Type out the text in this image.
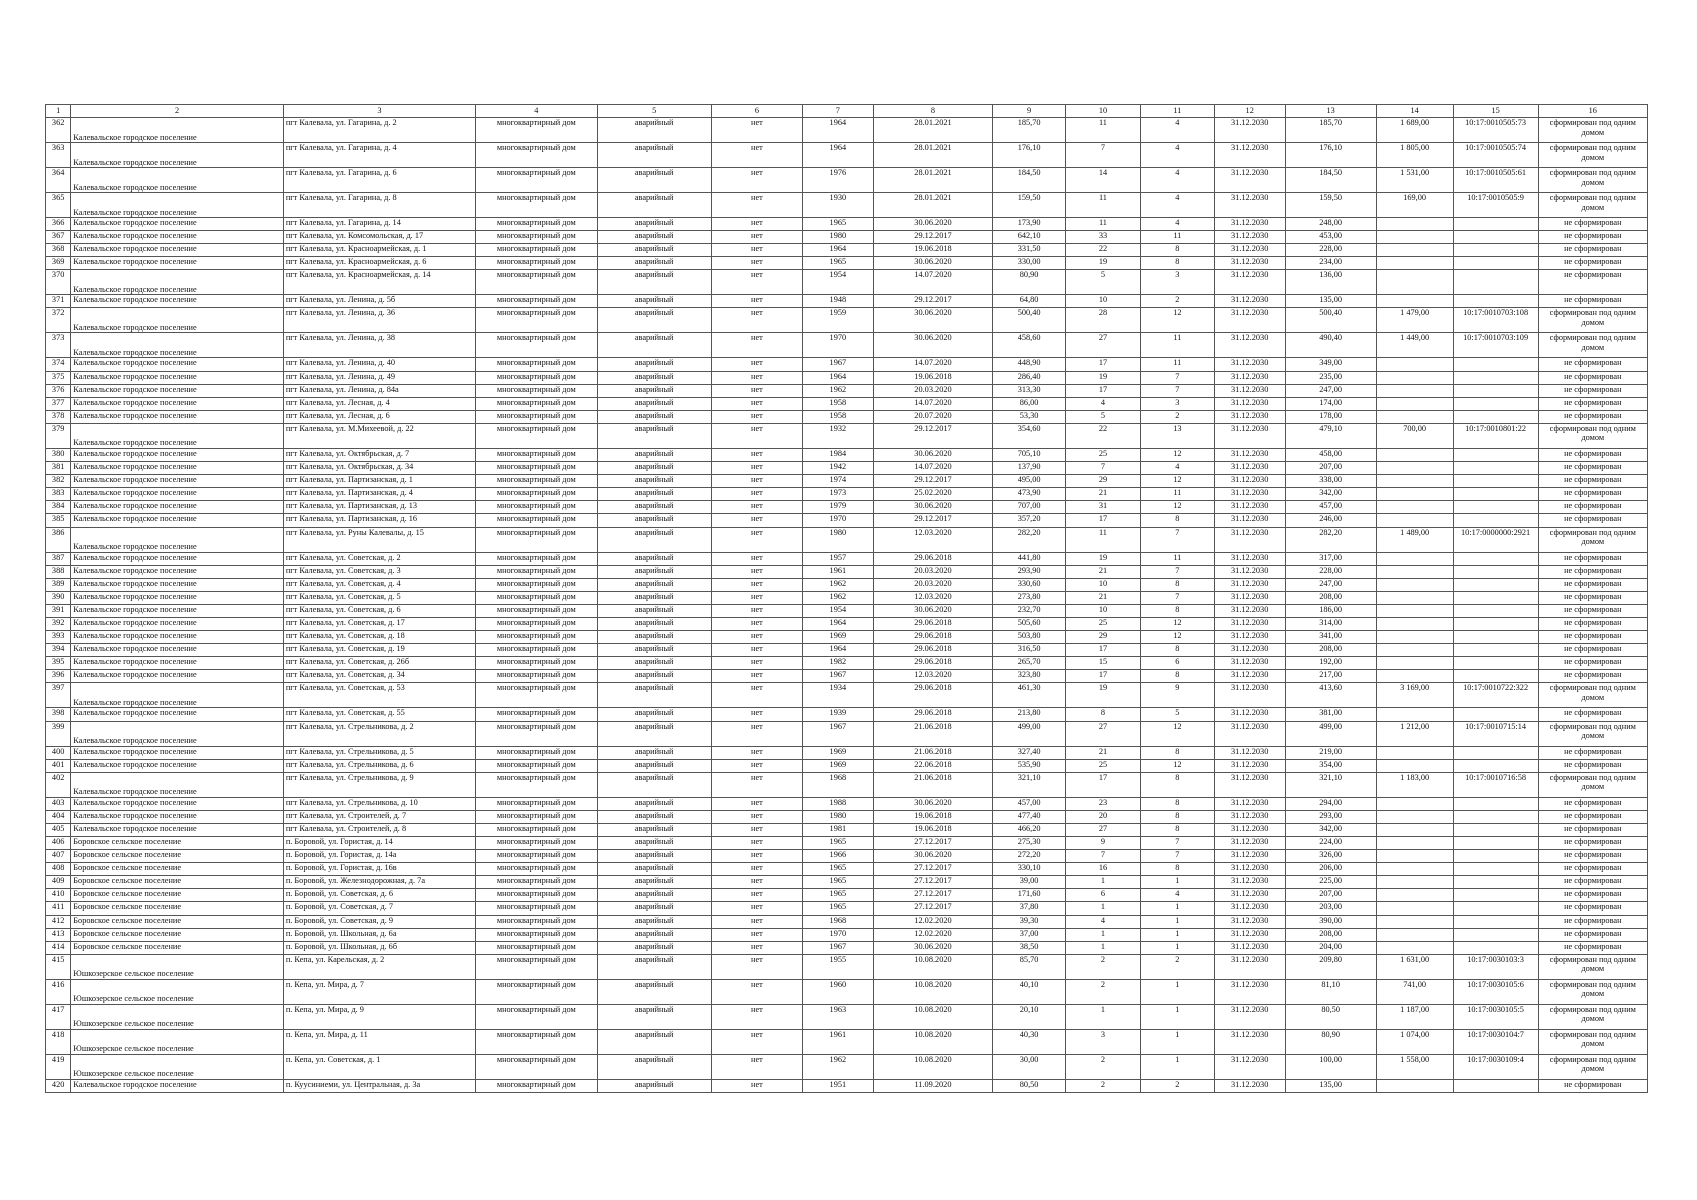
1	2	3	4	5	6	7	8	9	10	11	12	13	14	15	16
362	Калевальское городское поселение	пгт Калевала, ул. Гагарина, д. 2	многоквартирный дом	аварийный	нет	1964	28.01.2021	185,70	11	4	31.12.2030	185,70	1 689,00	10:17:0010505:73	сформирован под одним домом
363	Калевальское городское поселение	пгт Калевала, ул. Гагарина, д. 4	многоквартирный дом	аварийный	нет	1964	28.01.2021	176,10	7	4	31.12.2030	176,10	1 805,00	10:17:0010505:74	сформирован под одним домом
364	Калевальское городское поселение	пгт Калевала, ул. Гагарина, д. 6	многоквартирный дом	аварийный	нет	1976	28.01.2021	184,50	14	4	31.12.2030	184,50	1 531,00	10:17:0010505:61	сформирован под одним домом
365	Калевальское городское поселение	пгт Калевала, ул. Гагарина, д. 8	многоквартирный дом	аварийный	нет	1930	28.01.2021	159,50	11	4	31.12.2030	159,50	169,00	10:17:0010505:9	сформирован под одним домом
366	Калевальское городское поселение	пгт Калевала, ул. Гагарина, д. 14	многоквартирный дом	аварийный	нет	1965	30.06.2020	173,90	11	4	31.12.2030	248,00			не сформирован
367	Калевальское городское поселение	пгт Калевала, ул. Комсомольская, д. 17	многоквартирный дом	аварийный	нет	1980	29.12.2017	642,10	33	11	31.12.2030	453,00			не сформирован
368	Калевальское городское поселение	пгт Калевала, ул. Красноармейская, д. 1	многоквартирный дом	аварийный	нет	1964	19.06.2018	331,50	22	8	31.12.2030	228,00			не сформирован
369	Калевальское городское поселение	пгт Калевала, ул. Красноармейская, д. 6	многоквартирный дом	аварийный	нет	1965	30.06.2020	330,00	19	8	31.12.2030	234,00			не сформирован
370	Калевальское городское поселение	пгт Калевала, ул. Красноармейская, д. 14	многоквартирный дом	аварийный	нет	1954	14.07.2020	80,90	5	3	31.12.2030	136,00			не сформирован
371	Калевальское городское поселение	пгт Калевала, ул. Ленина, д. 5б	многоквартирный дом	аварийный	нет	1948	29.12.2017	64,80	10	2	31.12.2030	135,00			не сформирован
372	Калевальское городское поселение	пгт Калевала, ул. Ленина, д. 36	многоквартирный дом	аварийный	нет	1959	30.06.2020	500,40	28	12	31.12.2030	500,40	1 479,00	10:17:0010703:108	сформирован под одним домом
373	Калевальское городское поселение	пгт Калевала, ул. Ленина, д. 38	многоквартирный дом	аварийный	нет	1970	30.06.2020	458,60	27	11	31.12.2030	490,40	1 449,00	10:17:0010703:109	сформирован под одним домом
374	Калевальское городское поселение	пгт Калевала, ул. Ленина, д. 40	многоквартирный дом	аварийный	нет	1967	14.07.2020	448,90	17	11	31.12.2030	349,00			не сформирован
375	Калевальское городское поселение	пгт Калевала, ул. Ленина, д. 49	многоквартирный дом	аварийный	нет	1964	19.06.2018	286,40	19	7	31.12.2030	235,00			не сформирован
376	Калевальское городское поселение	пгт Калевала, ул. Ленина, д. 84а	многоквартирный дом	аварийный	нет	1962	20.03.2020	313,30	17	7	31.12.2030	247,00			не сформирован
377	Калевальское городское поселение	пгт Калевала, ул. Лесная, д. 4	многоквартирный дом	аварийный	нет	1958	14.07.2020	86,00	4	3	31.12.2030	174,00			не сформирован
378	Калевальское городское поселение	пгт Калевала, ул. Лесная, д. 6	многоквартирный дом	аварийный	нет	1958	20.07.2020	53,30	5	2	31.12.2030	178,00			не сформирован
379	Калевальское городское поселение	пгт Калевала, ул. М.Михеевой, д. 22	многоквартирный дом	аварийный	нет	1932	29.12.2017	354,60	22	13	31.12.2030	479,10	700,00	10:17:0010801:22	сформирован под одним домом
380	Калевальское городское поселение	пгт Калевала, ул. Октябрьская, д. 7	многоквартирный дом	аварийный	нет	1984	30.06.2020	705,10	25	12	31.12.2030	458,00			не сформирован
381	Калевальское городское поселение	пгт Калевала, ул. Октябрьская, д. 34	многоквартирный дом	аварийный	нет	1942	14.07.2020	137,90	7	4	31.12.2030	207,00			не сформирован
382	Калевальское городское поселение	пгт Калевала, ул. Партизанская, д. 1	многоквартирный дом	аварийный	нет	1974	29.12.2017	495,00	29	12	31.12.2030	338,00			не сформирован
383	Калевальское городское поселение	пгт Калевала, ул. Партизанская, д. 4	многоквартирный дом	аварийный	нет	1973	25.02.2020	473,90	21	11	31.12.2030	342,00			не сформирован
384	Калевальское городское поселение	пгт Калевала, ул. Партизанская, д. 13	многоквартирный дом	аварийный	нет	1979	30.06.2020	707,00	31	12	31.12.2030	457,00			не сформирован
385	Калевальское городское поселение	пгт Калевала, ул. Партизанская, д. 16	многоквартирный дом	аварийный	нет	1970	29.12.2017	357,20	17	8	31.12.2030	246,00			не сформирован
386	Калевальское городское поселение	пгт Калевала, ул. Руны Калевалы, д. 15	многоквартирный дом	аварийный	нет	1980	12.03.2020	282,20	11	7	31.12.2030	282,20	1 489,00	10:17:0000000:2921	сформирован под одним домом
387	Калевальское городское поселение	пгт Калевала, ул. Советская, д. 2	многоквартирный дом	аварийный	нет	1957	29.06.2018	441,80	19	11	31.12.2030	317,00			не сформирован
388	Калевальское городское поселение	пгт Калевала, ул. Советская, д. 3	многоквартирный дом	аварийный	нет	1961	20.03.2020	293,90	21	7	31.12.2030	228,00			не сформирован
389	Калевальское городское поселение	пгт Калевала, ул. Советская, д. 4	многоквартирный дом	аварийный	нет	1962	20.03.2020	330,60	10	8	31.12.2030	247,00			не сформирован
390	Калевальское городское поселение	пгт Калевала, ул. Советская, д. 5	многоквартирный дом	аварийный	нет	1962	12.03.2020	273,80	21	7	31.12.2030	208,00			не сформирован
391	Калевальское городское поселение	пгт Калевала, ул. Советская, д. 6	многоквартирный дом	аварийный	нет	1954	30.06.2020	232,70	10	8	31.12.2030	186,00			не сформирован
392	Калевальское городское поселение	пгт Калевала, ул. Советская, д. 17	многоквартирный дом	аварийный	нет	1964	29.06.2018	505,60	25	12	31.12.2030	314,00			не сформирован
393	Калевальское городское поселение	пгт Калевала, ул. Советская, д. 18	многоквартирный дом	аварийный	нет	1969	29.06.2018	503,80	29	12	31.12.2030	341,00			не сформирован
394	Калевальское городское поселение	пгт Калевала, ул. Советская, д. 19	многоквартирный дом	аварийный	нет	1964	29.06.2018	316,50	17	8	31.12.2030	208,00			не сформирован
395	Калевальское городское поселение	пгт Калевала, ул. Советская, д. 26б	многоквартирный дом	аварийный	нет	1982	29.06.2018	265,70	15	6	31.12.2030	192,00			не сформирован
396	Калевальское городское поселение	пгт Калевала, ул. Советская, д. 34	многоквартирный дом	аварийный	нет	1967	12.03.2020	323,80	17	8	31.12.2030	217,00			не сформирован
397	Калевальское городское поселение	пгт Калевала, ул. Советская, д. 53	многоквартирный дом	аварийный	нет	1934	29.06.2018	461,30	19	9	31.12.2030	413,60	3 169,00	10:17:0010722:322	сформирован под одним домом
398	Калевальское городское поселение	пгт Калевала, ул. Советская, д. 55	многоквартирный дом	аварийный	нет	1939	29.06.2018	213,80	8	5	31.12.2030	381,00			не сформирован
399	Калевальское городское поселение	пгт Калевала, ул. Стрельникова, д. 2	многоквартирный дом	аварийный	нет	1967	21.06.2018	499,00	27	12	31.12.2030	499,00	1 212,00	10:17:0010715:14	сформирован под одним домом
400	Калевальское городское поселение	пгт Калевала, ул. Стрельникова, д. 5	многоквартирный дом	аварийный	нет	1969	21.06.2018	327,40	21	8	31.12.2030	219,00			не сформирован
401	Калевальское городское поселение	пгт Калевала, ул. Стрельникова, д. 6	многоквартирный дом	аварийный	нет	1969	22.06.2018	535,90	25	12	31.12.2030	354,00			не сформирован
402	Калевальское городское поселение	пгт Калевала, ул. Стрельникова, д. 9	многоквартирный дом	аварийный	нет	1968	21.06.2018	321,10	17	8	31.12.2030	321,10	1 183,00	10:17:0010716:58	сформирован под одним домом
403	Калевальское городское поселение	пгт Калевала, ул. Стрельникова, д. 10	многоквартирный дом	аварийный	нет	1988	30.06.2020	457,00	23	8	31.12.2030	294,00			не сформирован
404	Калевальское городское поселение	пгт Калевала, ул. Строителей, д. 7	многоквартирный дом	аварийный	нет	1980	19.06.2018	477,40	20	8	31.12.2030	293,00			не сформирован
405	Калевальское городское поселение	пгт Калевала, ул. Строителей, д. 8	многоквартирный дом	аварийный	нет	1981	19.06.2018	466,20	27	8	31.12.2030	342,00			не сформирован
406	Боровское сельское поселение	п. Боровой, ул. Гористая, д. 14	многоквартирный дом	аварийный	нет	1965	27.12.2017	275,30	9	7	31.12.2030	224,00			не сформирован
407	Боровское сельское поселение	п. Боровой, ул. Гористая, д. 14а	многоквартирный дом	аварийный	нет	1966	30.06.2020	272,20	7	7	31.12.2030	326,00			не сформирован
408	Боровское сельское поселение	п. Боровой, ул. Гористая, д. 16в	многоквартирный дом	аварийный	нет	1965	27.12.2017	330,10	16	8	31.12.2030	206,00			не сформирован
409	Боровское сельское поселение	п. Боровой, ул. Железнодорожная, д. 7а	многоквартирный дом	аварийный	нет	1965	27.12.2017	39,00	1	1	31.12.2030	225,00			не сформирован
410	Боровское сельское поселение	п. Боровой, ул. Советская, д. 6	многоквартирный дом	аварийный	нет	1965	27.12.2017	171,60	6	4	31.12.2030	207,00			не сформирован
411	Боровское сельское поселение	п. Боровой, ул. Советская, д. 7	многоквартирный дом	аварийный	нет	1965	27.12.2017	37,80	1	1	31.12.2030	203,00			не сформирован
412	Боровское сельское поселение	п. Боровой, ул. Советская, д. 9	многоквартирный дом	аварийный	нет	1968	12.02.2020	39,30	4	1	31.12.2030	390,00			не сформирован
413	Боровское сельское поселение	п. Боровой, ул. Школьная, д. 6а	многоквартирный дом	аварийный	нет	1970	12.02.2020	37,00	1	1	31.12.2030	208,00			не сформирован
414	Боровское сельское поселение	п. Боровой, ул. Школьная, д. 6б	многоквартирный дом	аварийный	нет	1967	30.06.2020	38,50	1	1	31.12.2030	204,00			не сформирован
415	Юшкозерское сельское поселение	п. Кепа, ул. Карельская, д. 2	многоквартирный дом	аварийный	нет	1955	10.08.2020	85,70	2	2	31.12.2030	209,80	1 631,00	10:17:0030103:3	сформирован под одним домом
416	Юшкозерское сельское поселение	п. Кепа, ул. Мира, д. 7	многоквартирный дом	аварийный	нет	1960	10.08.2020	40,10	2	1	31.12.2030	81,10	741,00	10:17:0030105:6	сформирован под одним домом
417	Юшкозерское сельское поселение	п. Кепа, ул. Мира, д. 9	многоквартирный дом	аварийный	нет	1963	10.08.2020	20,10	1	1	31.12.2030	80,50	1 187,00	10:17:0030105:5	сформирован под одним домом
418	Юшкозерское сельское поселение	п. Кепа, ул. Мира, д. 11	многоквартирный дом	аварийный	нет	1961	10.08.2020	40,30	3	1	31.12.2030	80,90	1 074,00	10:17:0030104:7	сформирован под одним домом
419	Юшкозерское сельское поселение	п. Кепа, ул. Советская, д. 1	многоквартирный дом	аварийный	нет	1962	10.08.2020	30,00	2	1	31.12.2030	100,00	1 558,00	10:17:0030109:4	сформирован под одним домом
420	Калевальское городское поселение	п. Куусиниеми, ул. Центральная, д. 3а	многоквартирный дом	аварийный	нет	1951	11.09.2020	80,50	2	2	31.12.2030	135,00			не сформирован
